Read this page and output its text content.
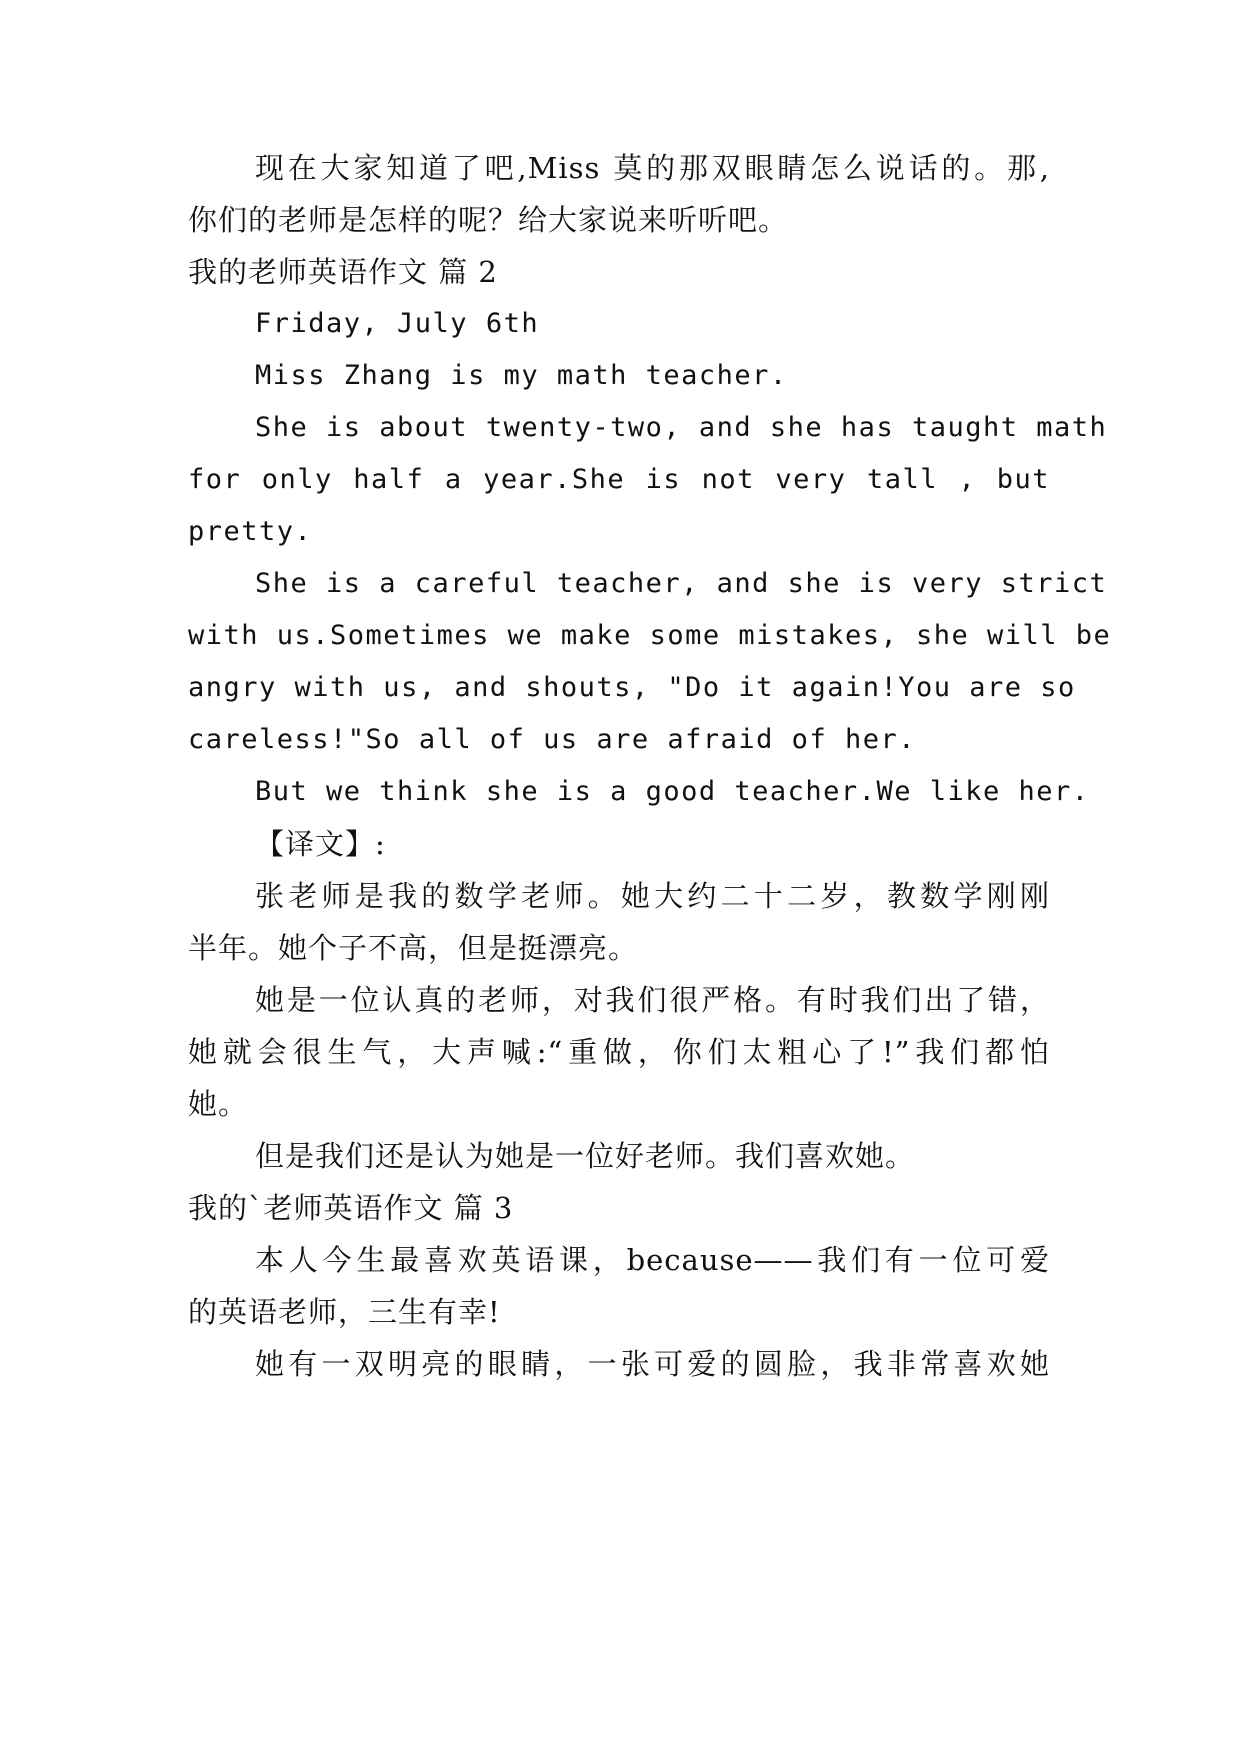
现在大家知道了吧,Miss 莫的那双眼睛怎么说话的。那,
你们的老师是怎样的呢？给大家说来听听吧。
我的老师英语作文 篇 2
Friday, July 6th
Miss Zhang is my math teacher.
She is about twenty-two, and she has taught math
for only half a year.She is not very tall , but
pretty.
She is a careful teacher, and she is very strict
with us.Sometimes we make some mistakes, she will be
angry with us, and shouts, "Do it again!You are so
careless!"So all of us are afraid of her.
But we think she is a good teacher.We like her.
【译文】:
张老师是我的数学老师。她大约二十二岁，教数学刚刚
半年。她个子不高，但是挺漂亮。
她是一位认真的老师，对我们很严格。有时我们出了错，
她就会很生气，大声喊:“重做，你们太粗心了!”我们都怕
她。
但是我们还是认为她是一位好老师。我们喜欢她。
我的`老师英语作文 篇 3
本人今生最喜欢英语课，because——我们有一位可爱
的英语老师，三生有幸!
她有一双明亮的眼睛，一张可爱的圆脸，我非常喜欢她
